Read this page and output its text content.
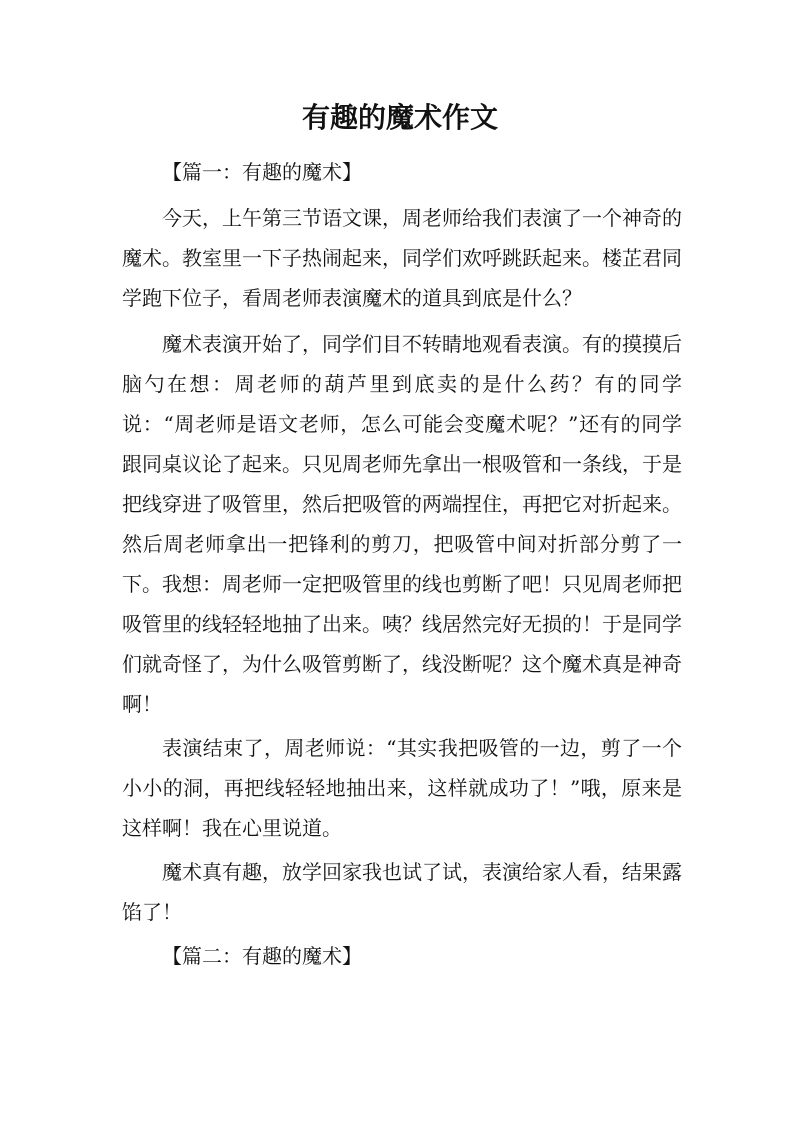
有趣的魔术作文
【篇一：有趣的魔术】

今天，上午第三节语文课，周老师给我们表演了一个神奇的魔术。教室里一下子热闹起来，同学们欢呼跳跃起来。楼芷君同学跑下位子，看周老师表演魔术的道具到底是什么？

魔术表演开始了，同学们目不转睛地观看表演。有的摸摸后脑勺在想：周老师的葫芦里到底卖的是什么药？有的同学说：“周老师是语文老师，怎么可能会变魔术呢？”还有的同学跟同桌议论了起来。只见周老师先拿出一根吸管和一条线，于是把线穿进了吸管里，然后把吸管的两端捏住，再把它对折起来。然后周老师拿出一把锋利的剪刀，把吸管中间对折部分剪了一下。我想：周老师一定把吸管里的线也剪断了吧！只见周老师把吸管里的线轻轻地抽了出来。咦？线居然完好无损的！于是同学们就奇怪了，为什么吸管剪断了，线没断呢？这个魔术真是神奇啊！

表演结束了，周老师说：“其实我把吸管的一边，剪了一个小小的洞，再把线轻轻地抽出来，这样就成功了！”哦，原来是这样啊！我在心里说道。

魔术真有趣，放学回家我也试了试，表演给家人看，结果露馅了！

【篇二：有趣的魔术】
